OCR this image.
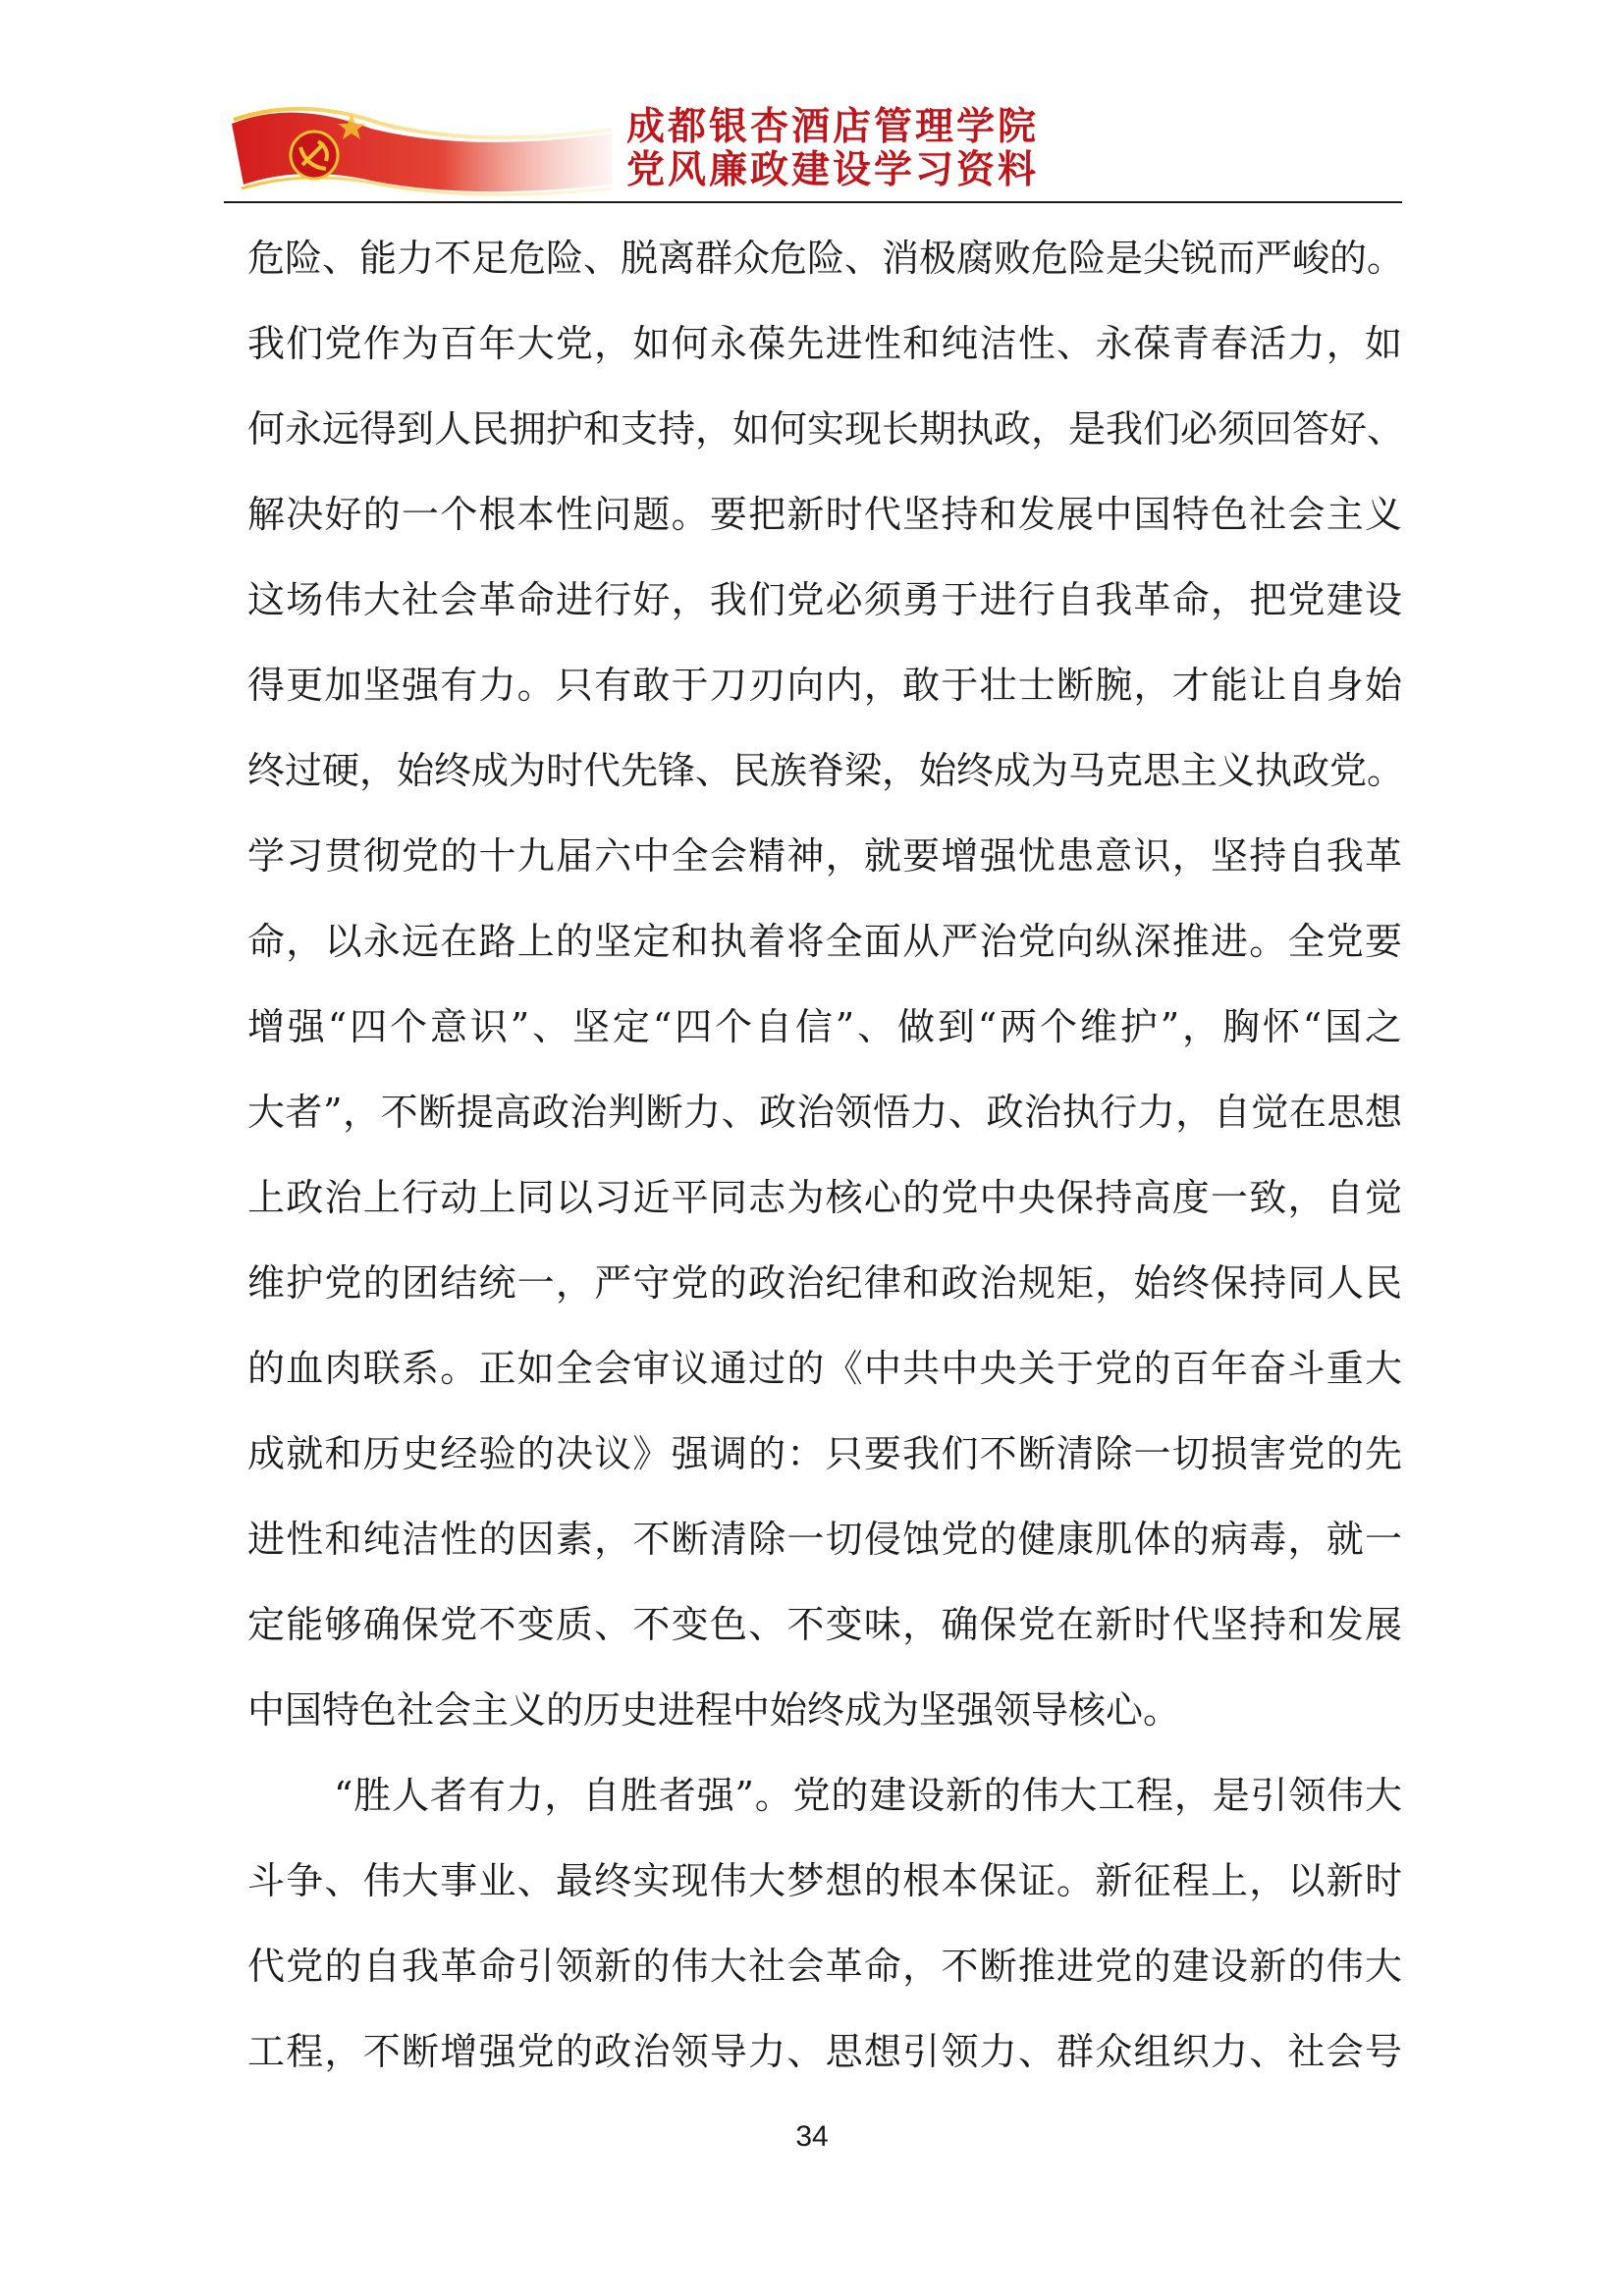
成都银杏酒店管理学院
党风廉政建设学习资料
危险、能力不足危险、脱离群众危险、消极腐败危险是尖锐而严峻的。
我们党作为百年大党，如何永葆先进性和纯洁性、永葆青春活力，如
何永远得到人民拥护和支持，如何实现长期执政，是我们必须回答好、
解决好的一个根本性问题。要把新时代坚持和发展中国特色社会主义
这场伟大社会革命进行好，我们党必须勇于进行自我革命，把党建设
得更加坚强有力。只有敢于刀刃向内，敢于壮士断腕，才能让自身始
终过硬，始终成为时代先锋、民族脊梁，始终成为马克思主义执政党。
学习贯彻党的十九届六中全会精神，就要增强忧患意识，坚持自我革
命，以永远在路上的坚定和执着将全面从严治党向纵深推进。全党要
增强“四个意识”、坚定“四个自信”、做到“两个维护”，胸怀“国之
大者”，不断提高政治判断力、政治领悟力、政治执行力，自觉在思想
上政治上行动上同以习近平同志为核心的党中央保持高度一致，自觉
维护党的团结统一，严守党的政治纪律和政治规矩，始终保持同人民
的血肉联系。正如全会审议通过的《中共中央关于党的百年奋斗重大
成就和历史经验的决议》强调的：只要我们不断清除一切损害党的先
进性和纯洁性的因素，不断清除一切侵蚀党的健康肌体的病毒，就一
定能够确保党不变质、不变色、不变味，确保党在新时代坚持和发展
中国特色社会主义的历史进程中始终成为坚强领导核心。
“胜人者有力，自胜者强”。党的建设新的伟大工程，是引领伟大
斗争、伟大事业、最终实现伟大梦想的根本保证。新征程上，以新时
代党的自我革命引领新的伟大社会革命，不断推进党的建设新的伟大
工程，不断增强党的政治领导力、思想引领力、群众组织力、社会号
34
